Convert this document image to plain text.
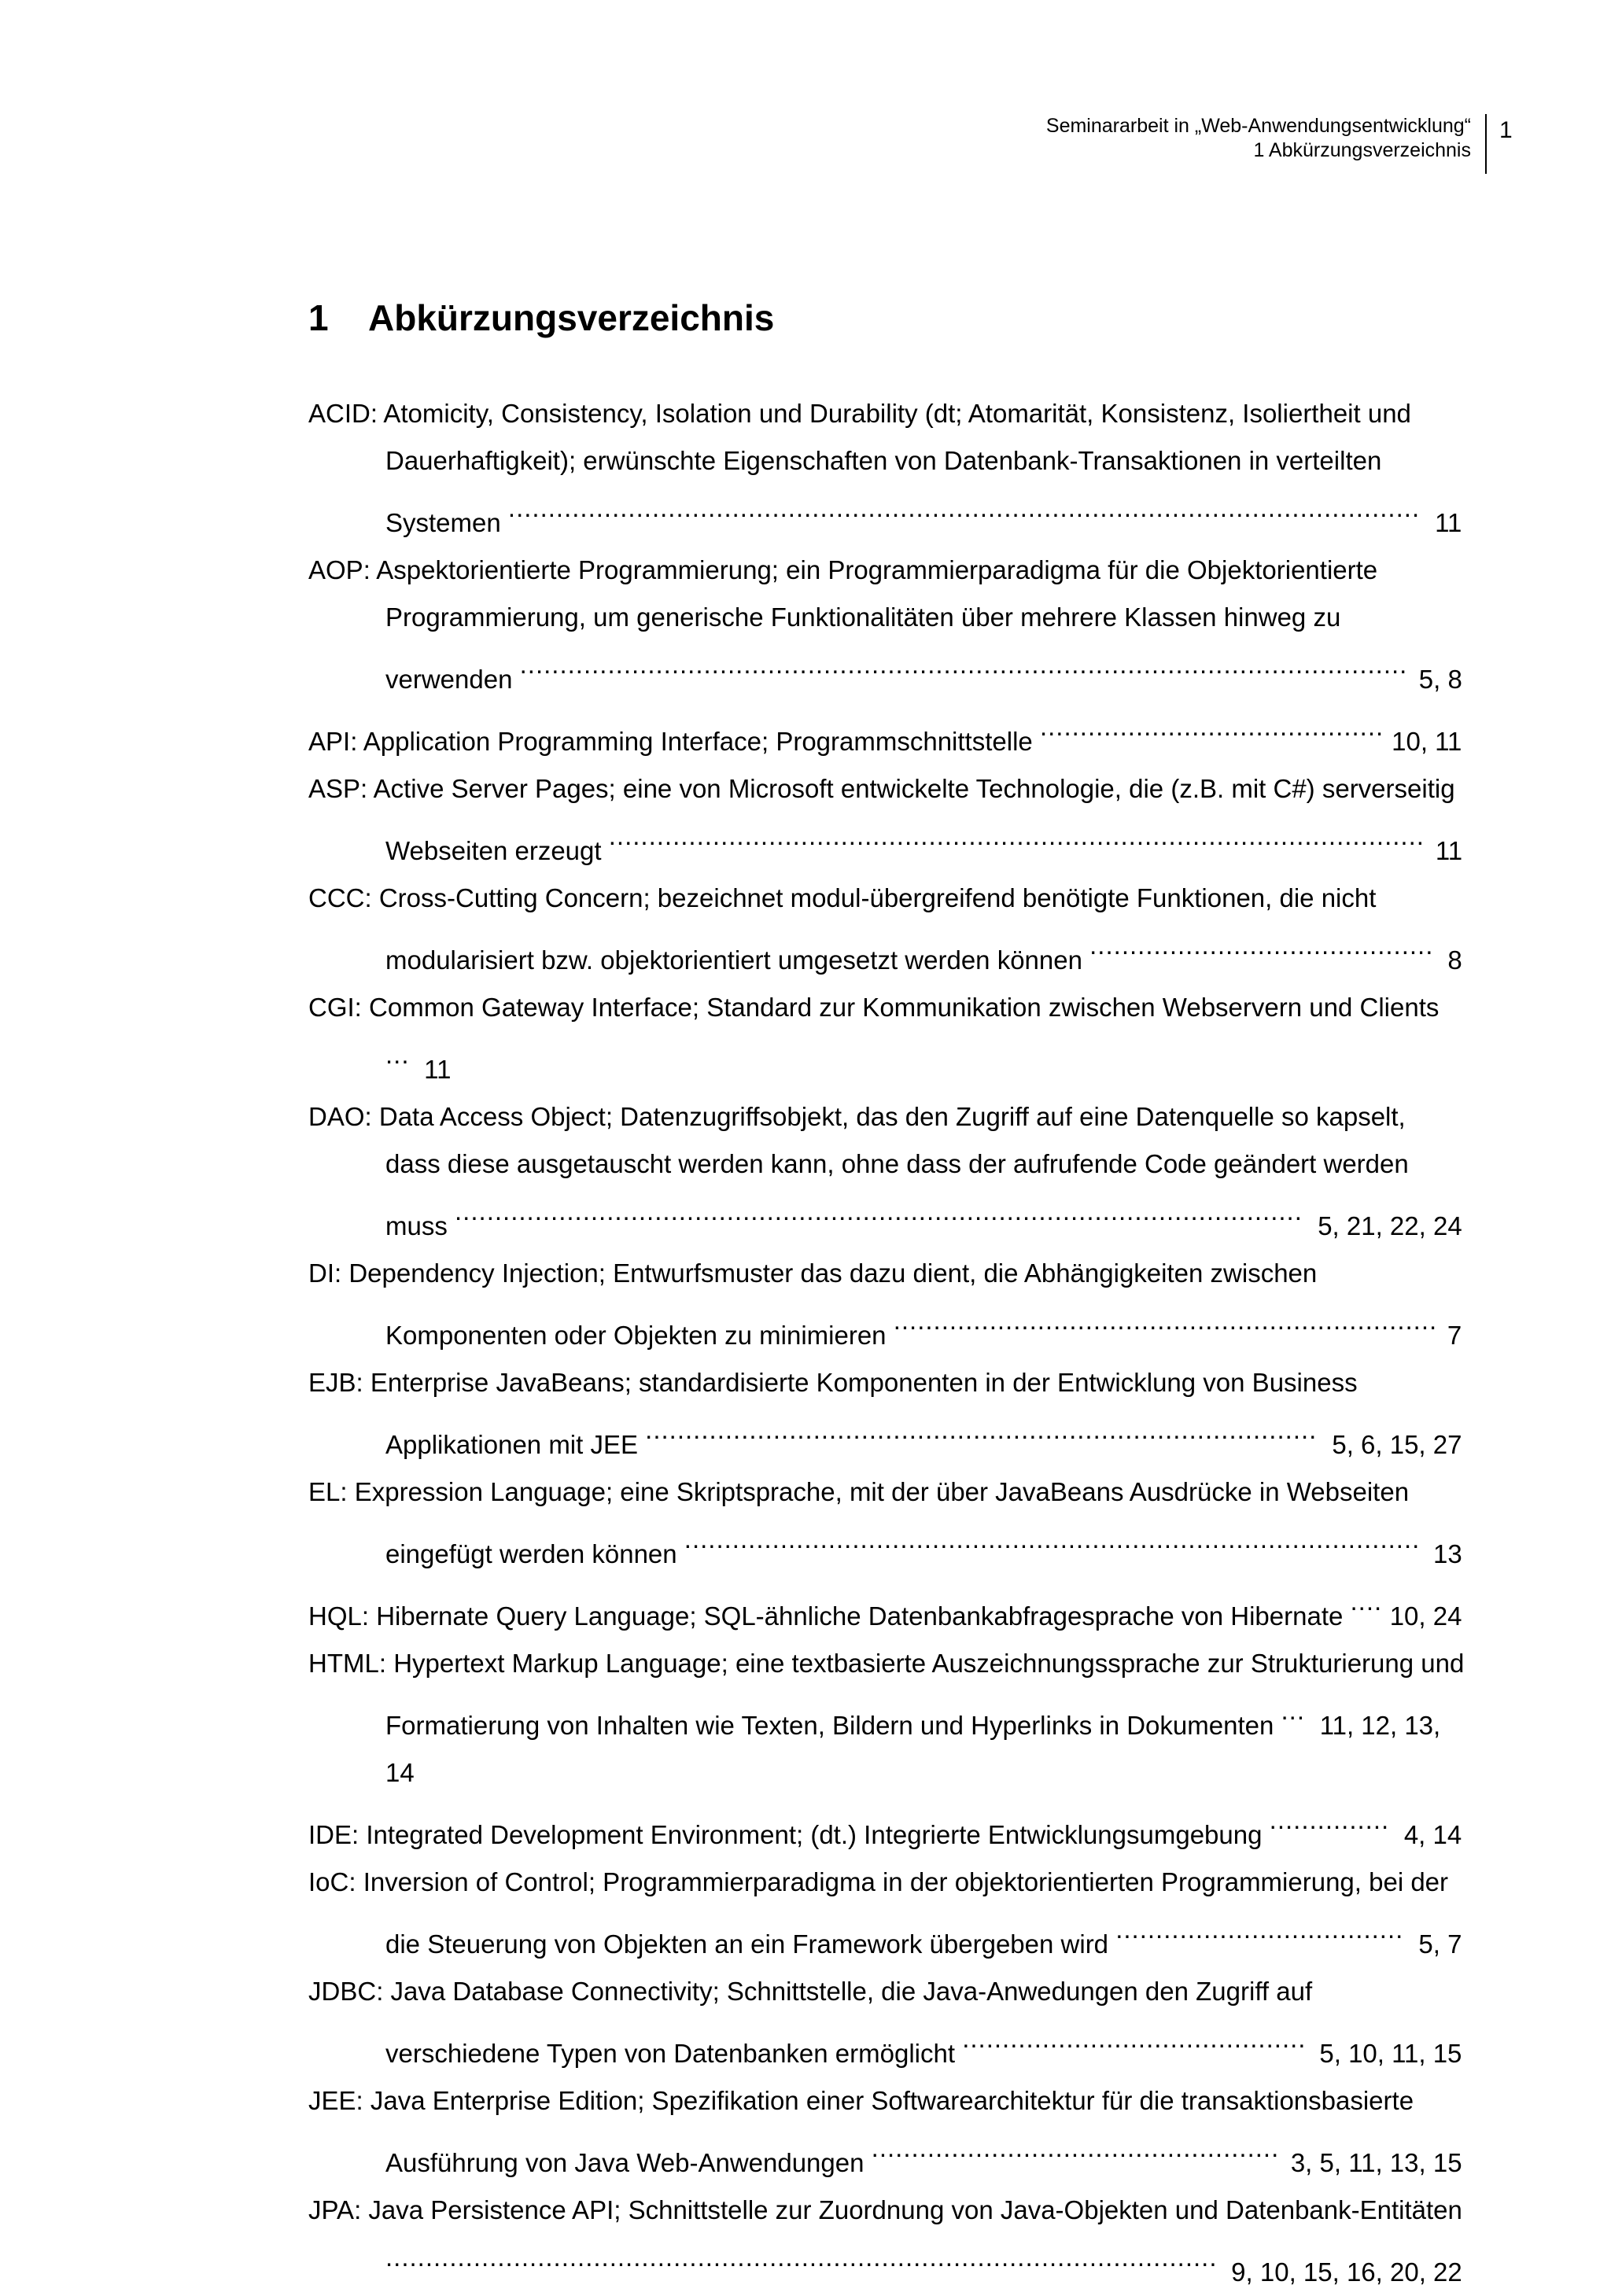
Seminararbeit in „Web-Anwendungsentwicklung“
1 Abkürzungsverzeichnis
1
1 Abkürzungsverzeichnis
ACID: Atomicity, Consistency, Isolation und Durability (dt; Atomarität, Konsistenz, Isoliertheit und Dauerhaftigkeit); erwünschte Eigenschaften von Datenbank-Transaktionen in verteilten Systemen .................................................................................................................. 11
AOP: Aspektorientierte Programmierung; ein Programmierparadigma für die Objektorientierte Programmierung, um generische Funktionalitäten über mehrere Klassen hinweg zu verwenden ............................................................................................................... 5, 8
API: Application Programming Interface; Programmschnittstelle ........................................... 10, 11
ASP: Active Server Pages; eine von Microsoft entwickelte Technologie, die (z.B. mit C#) serverseitig Webseiten erzeugt ...................................................................................................... 11
CCC: Cross-Cutting Concern; bezeichnet modul-übergreifend benötigte Funktionen, die nicht modularisiert bzw. objektorientiert umgesetzt werden können ........................................... 8
CGI: Common Gateway Interface; Standard zur Kommunikation zwischen Webservern und Clients ... 11
DAO: Data Access Object; Datenzugriffsobjekt, das den Zugriff auf eine Datenquelle so kapselt, dass diese ausgetauscht werden kann, ohne dass der aufrufende Code geändert werden muss .......................................................................................................... 5, 21, 22, 24
DI: Dependency Injection; Entwurfsmuster das dazu dient, die Abhängigkeiten zwischen Komponenten oder Objekten zu minimieren .................................................................... 7
EJB: Enterprise JavaBeans; standardisierte Komponenten in der Entwicklung von Business Applikationen mit JEE .................................................................................... 5, 6, 15, 27
EL: Expression Language; eine Skriptsprache, mit der über JavaBeans Ausdrücke in Webseiten eingefügt werden können ............................................................................................ 13
HQL: Hibernate Query Language; SQL-ähnliche Datenbankabfragesprache von Hibernate .... 10, 24
HTML: Hypertext Markup Language; eine textbasierte Auszeichnungssprache zur Strukturierung und Formatierung von Inhalten wie Texten, Bildern und Hyperlinks in Dokumenten ... 11, 12, 13, 14
IDE: Integrated Development Environment; (dt.) Integrierte Entwicklungsumgebung ............... 4, 14
IoC: Inversion of Control; Programmierparadigma in der objektorientierten Programmierung, bei der die Steuerung von Objekten an ein Framework übergeben wird .................................... 5, 7
JDBC: Java Database Connectivity; Schnittstelle, die Java-Anwedungen den Zugriff auf verschiedene Typen von Datenbanken ermöglicht ........................................... 5, 10, 11, 15
JEE: Java Enterprise Edition; Spezifikation einer Softwarearchitektur für die transaktionsbasierte Ausführung von Java Web-Anwendungen ................................................... 3, 5, 11, 13, 15
JPA: Java Persistence API; Schnittstelle zur Zuordnung von Java-Objekten und Datenbank-Entitäten ........................................................................................................ 9, 10, 15, 16, 20, 22
